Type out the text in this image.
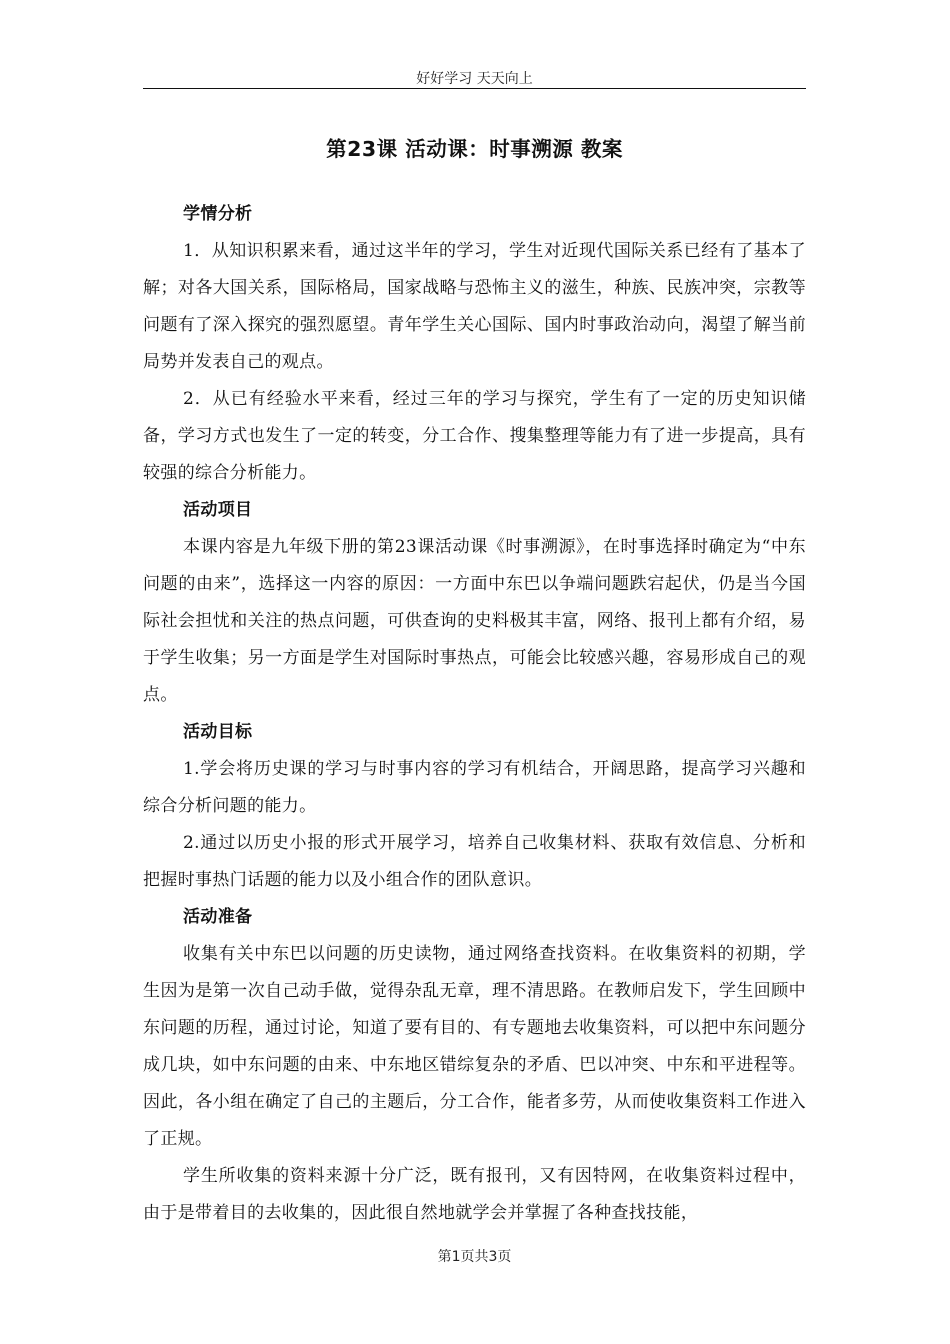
好好学习 天天向上
第23课 活动课：时事溯源 教案
学情分析

1．从知识积累来看，通过这半年的学习，学生对近现代国际关系已经有了基本了解；对各大国关系，国际格局，国家战略与恐怖主义的滋生，种族、民族冲突，宗教等问题有了深入探究的强烈愿望。青年学生关心国际、国内时事政治动向，渴望了解当前局势并发表自己的观点。

2．从已有经验水平来看，经过三年的学习与探究，学生有了一定的历史知识储备，学习方式也发生了一定的转变，分工合作、搜集整理等能力有了进一步提高，具有较强的综合分析能力。

活动项目

本课内容是九年级下册的第23课活动课《时事溯源》，在时事选择时确定为“中东问题的由来”，选择这一内容的原因：一方面中东巴以争端问题跌宕起伏，仍是当今国际社会担忧和关注的热点问题，可供查询的史料极其丰富，网络、报刊上都有介绍，易于学生收集；另一方面是学生对国际时事热点，可能会比较感兴趣，容易形成自己的观点。

活动目标

1.学会将历史课的学习与时事内容的学习有机结合，开阔思路，提高学习兴趣和综合分析问题的能力。

2.通过以历史小报的形式开展学习，培养自己收集材料、获取有效信息、分析和把握时事热门话题的能力以及小组合作的团队意识。

活动准备

收集有关中东巴以问题的历史读物，通过网络查找资料。在收集资料的初期，学生因为是第一次自己动手做，觉得杂乱无章，理不清思路。在教师启发下，学生回顾中东问题的历程，通过讨论，知道了要有目的、有专题地去收集资料，可以把中东问题分成几块，如中东问题的由来、中东地区错综复杂的矛盾、巴以冲突、中东和平进程等。因此，各小组在确定了自己的主题后，分工合作，能者多劳，从而使收集资料工作进入了正规。

学生所收集的资料来源十分广泛，既有报刊，又有因特网，在收集资料过程中，由于是带着目的去收集的，因此很自然地就学会并掌握了各种查找技能，

第1页共3页
